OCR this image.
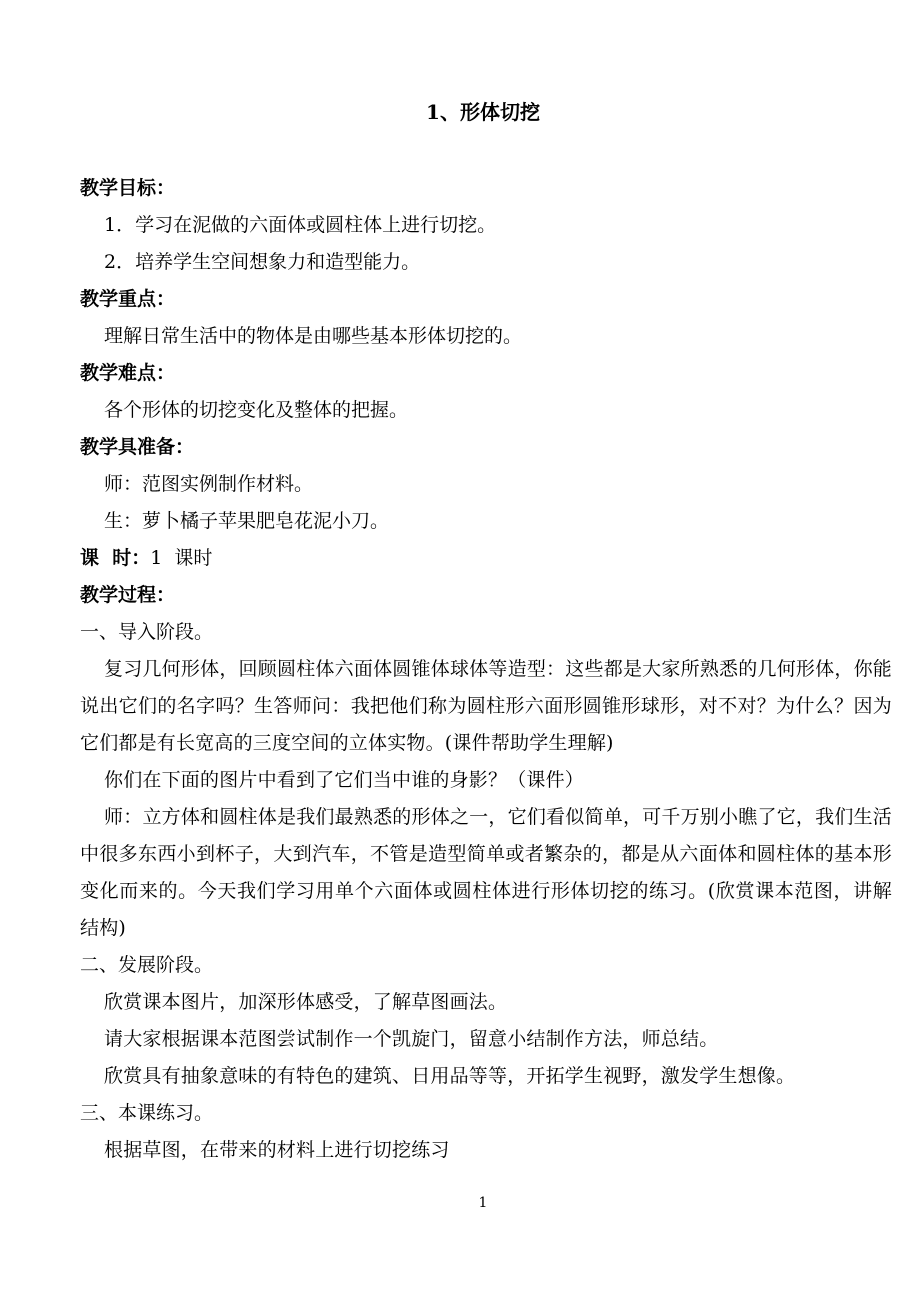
1、形体切挖
教学目标：
1．学习在泥做的六面体或圆柱体上进行切挖。
2．培养学生空间想象力和造型能力。
教学重点：
理解日常生活中的物体是由哪些基本形体切挖的。
教学难点：
各个形体的切挖变化及整体的把握。
教学具准备：
师：范图实例制作材料。
生：萝卜橘子苹果肥皂花泥小刀。
课  时：1  课时
教学过程：
一、导入阶段。
复习几何形体，回顾圆柱体六面体圆锥体球体等造型：这些都是大家所熟悉的几何形体，你能说出它们的名字吗？生答师问：我把他们称为圆柱形六面形圆锥形球形，对不对？为什么？因为它们都是有长宽高的三度空间的立体实物。(课件帮助学生理解)
你们在下面的图片中看到了它们当中谁的身影？（课件）
师：立方体和圆柱体是我们最熟悉的形体之一，它们看似简单，可千万别小瞧了它，我们生活中很多东西小到杯子，大到汽车，不管是造型简单或者繁杂的，都是从六面体和圆柱体的基本形变化而来的。今天我们学习用单个六面体或圆柱体进行形体切挖的练习。(欣赏课本范图，讲解结构)
二、发展阶段。
欣赏课本图片，加深形体感受，了解草图画法。
请大家根据课本范图尝试制作一个凯旋门，留意小结制作方法，师总结。
欣赏具有抽象意味的有特色的建筑、日用品等等，开拓学生视野，激发学生想像。
三、本课练习。
根据草图，在带来的材料上进行切挖练习
1
